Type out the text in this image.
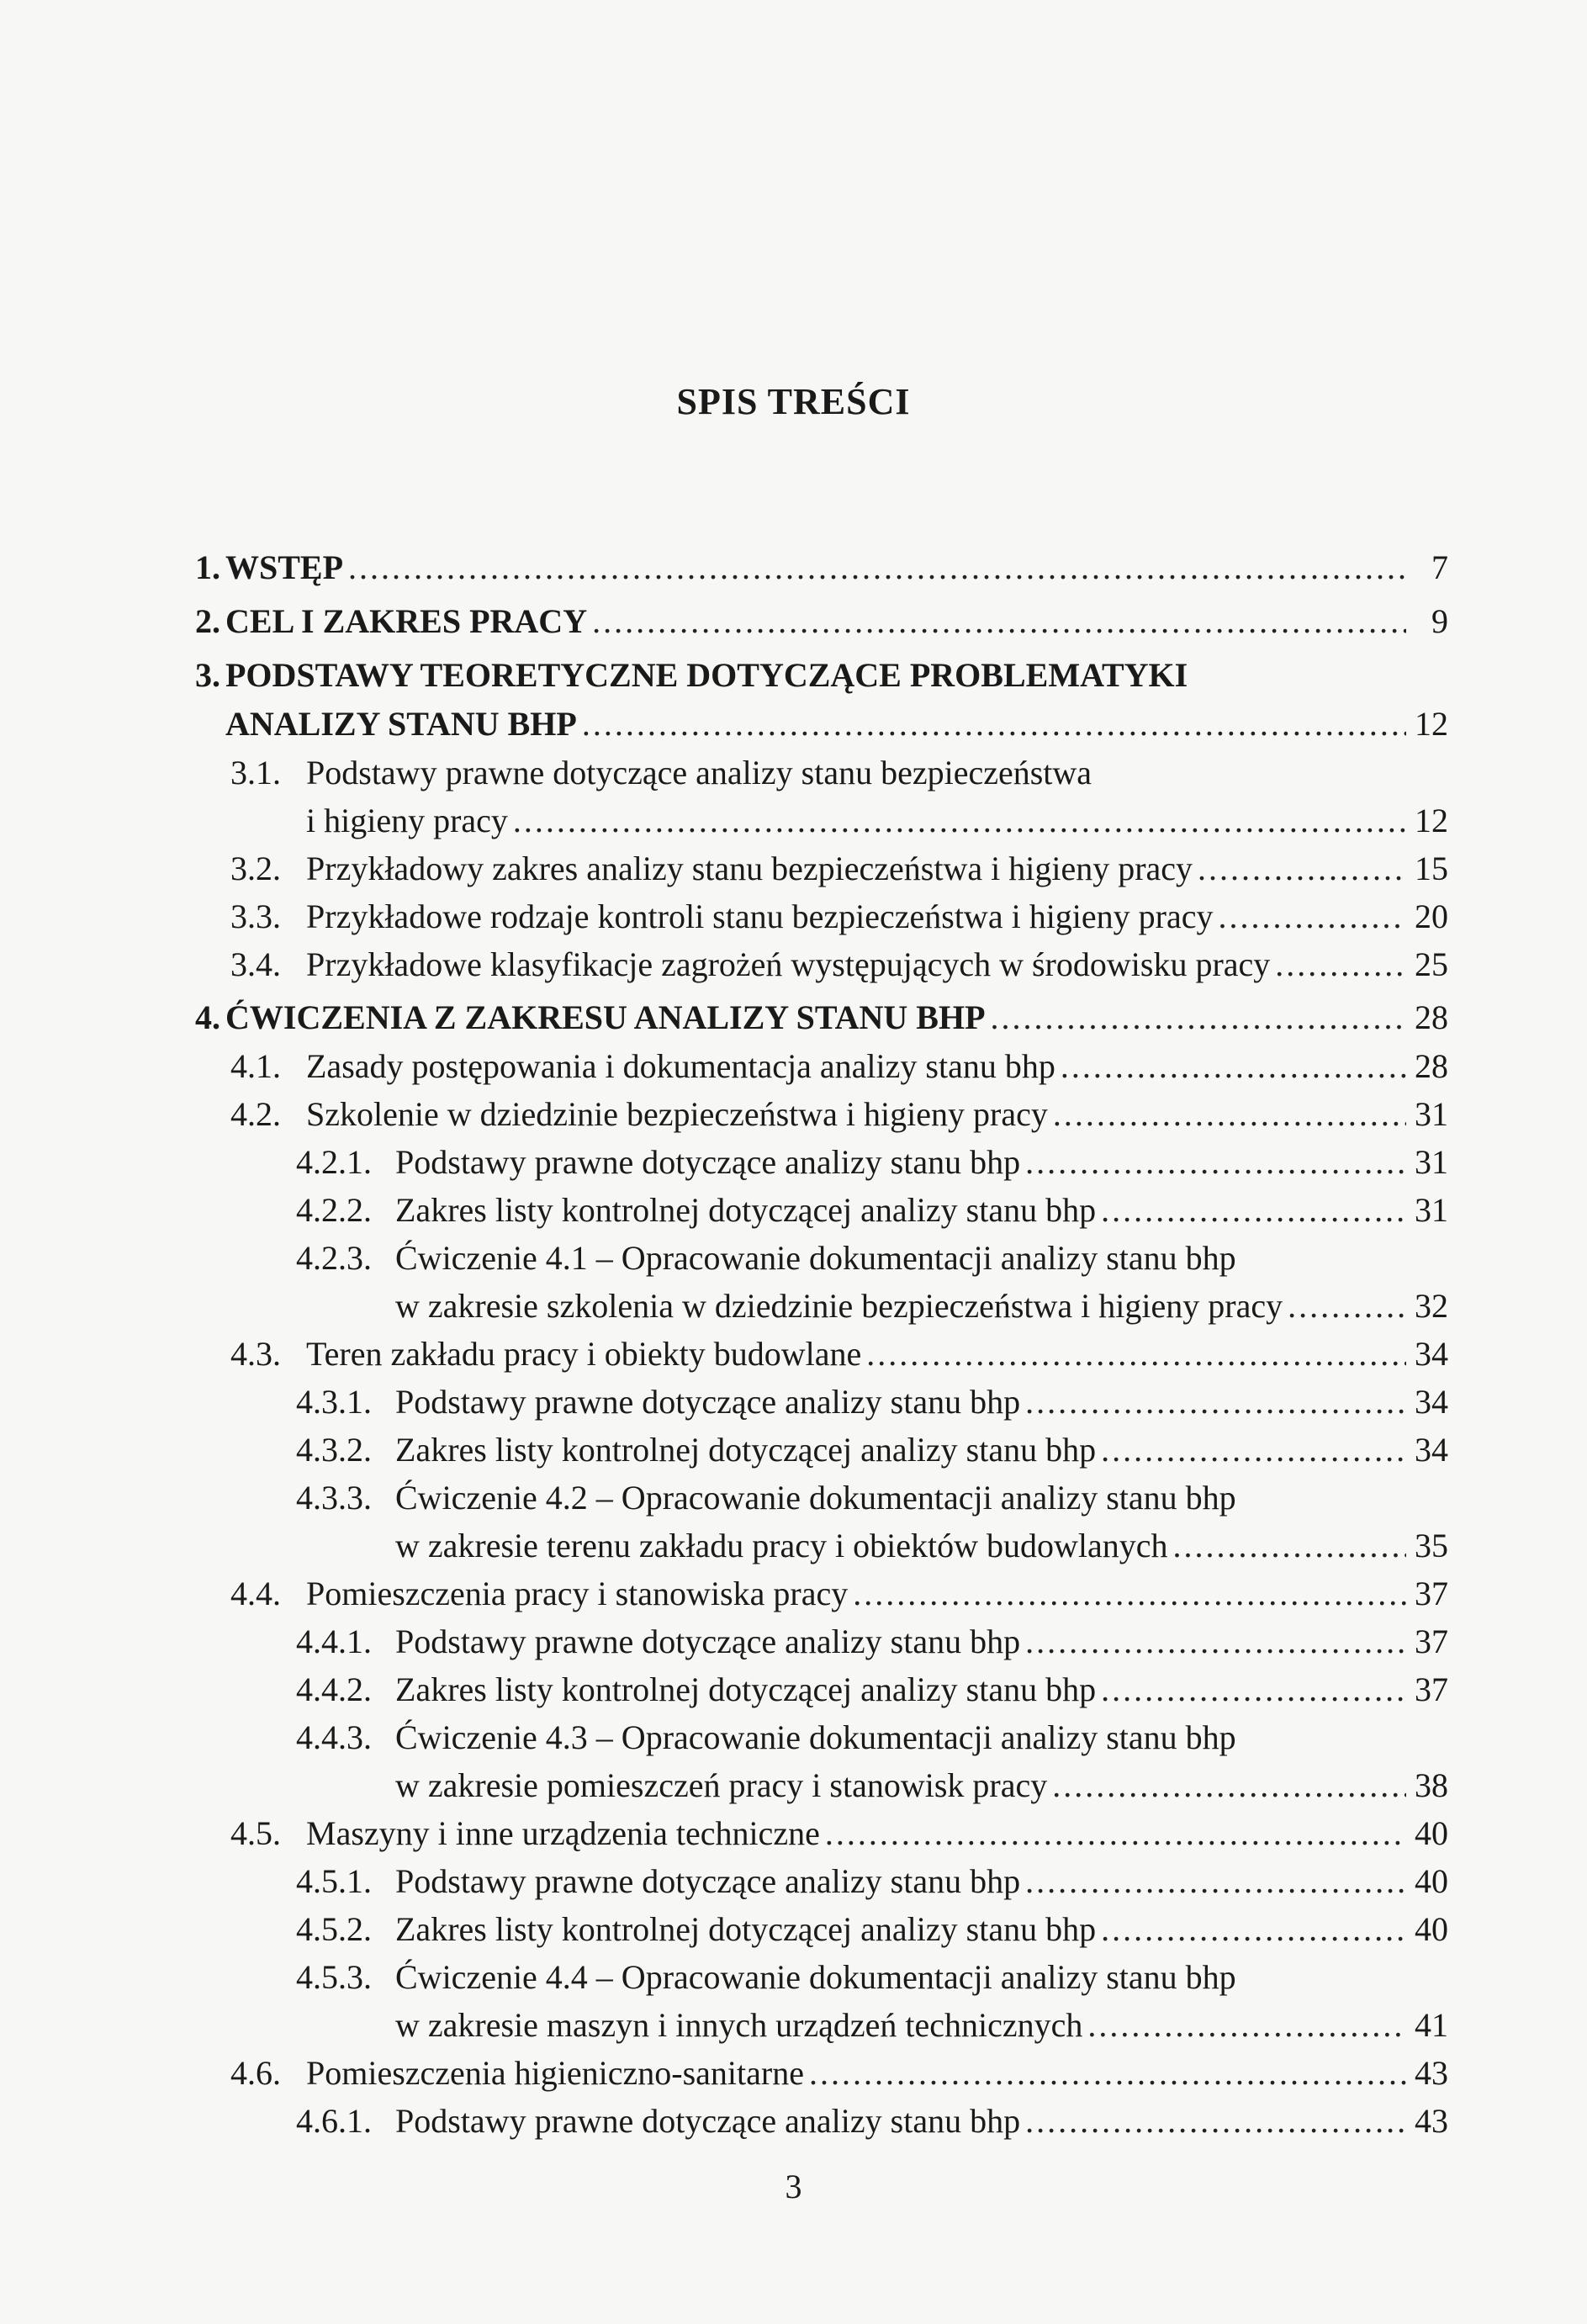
SPIS TREŚCI
1. WSTĘP .....	7
2. CEL I ZAKRES PRACY .....	9
3. PODSTAWY TEORETYCZNE DOTYCZĄCE PROBLEMATYKI
ANALIZY STANU BHP .....	12
3.1. Podstawy prawne dotyczące analizy stanu bezpieczeństwa
i higieny pracy .....	12
3.2. Przykładowy zakres analizy stanu bezpieczeństwa i higieny pracy .....	15
3.3. Przykładowe rodzaje kontroli stanu bezpieczeństwa i higieny pracy .....	20
3.4. Przykładowe klasyfikacje zagrożeń występujących w środowisku pracy .....	25
4. ĆWICZENIA Z ZAKRESU ANALIZY STANU BHP .....	28
4.1. Zasady postępowania i dokumentacja analizy stanu bhp .....	28
4.2. Szkolenie w dziedzinie bezpieczeństwa i higieny pracy .....	31
4.2.1. Podstawy prawne dotyczące analizy stanu bhp .....	31
4.2.2. Zakres listy kontrolnej dotyczącej analizy stanu bhp .....	31
4.2.3. Ćwiczenie 4.1 – Opracowanie dokumentacji analizy stanu bhp
w zakresie szkolenia w dziedzinie bezpieczeństwa i higieny pracy .....	32
4.3. Teren zakładu pracy i obiekty budowlane .....	34
4.3.1. Podstawy prawne dotyczące analizy stanu bhp .....	34
4.3.2. Zakres listy kontrolnej dotyczącej analizy stanu bhp .....	34
4.3.3. Ćwiczenie 4.2 – Opracowanie dokumentacji analizy stanu bhp
w zakresie terenu zakładu pracy i obiektów budowlanych .....	35
4.4. Pomieszczenia pracy i stanowiska pracy .....	37
4.4.1. Podstawy prawne dotyczące analizy stanu bhp .....	37
4.4.2. Zakres listy kontrolnej dotyczącej analizy stanu bhp .....	37
4.4.3. Ćwiczenie 4.3 – Opracowanie dokumentacji analizy stanu bhp
w zakresie pomieszczeń pracy i stanowisk pracy .....	38
4.5. Maszyny i inne urządzenia techniczne .....	40
4.5.1. Podstawy prawne dotyczące analizy stanu bhp .....	40
4.5.2. Zakres listy kontrolnej dotyczącej analizy stanu bhp .....	40
4.5.3. Ćwiczenie 4.4 – Opracowanie dokumentacji analizy stanu bhp
w zakresie maszyn i innych urządzeń technicznych .....	41
4.6. Pomieszczenia higieniczno-sanitarne .....	43
4.6.1. Podstawy prawne dotyczące analizy stanu bhp .....	43
3
